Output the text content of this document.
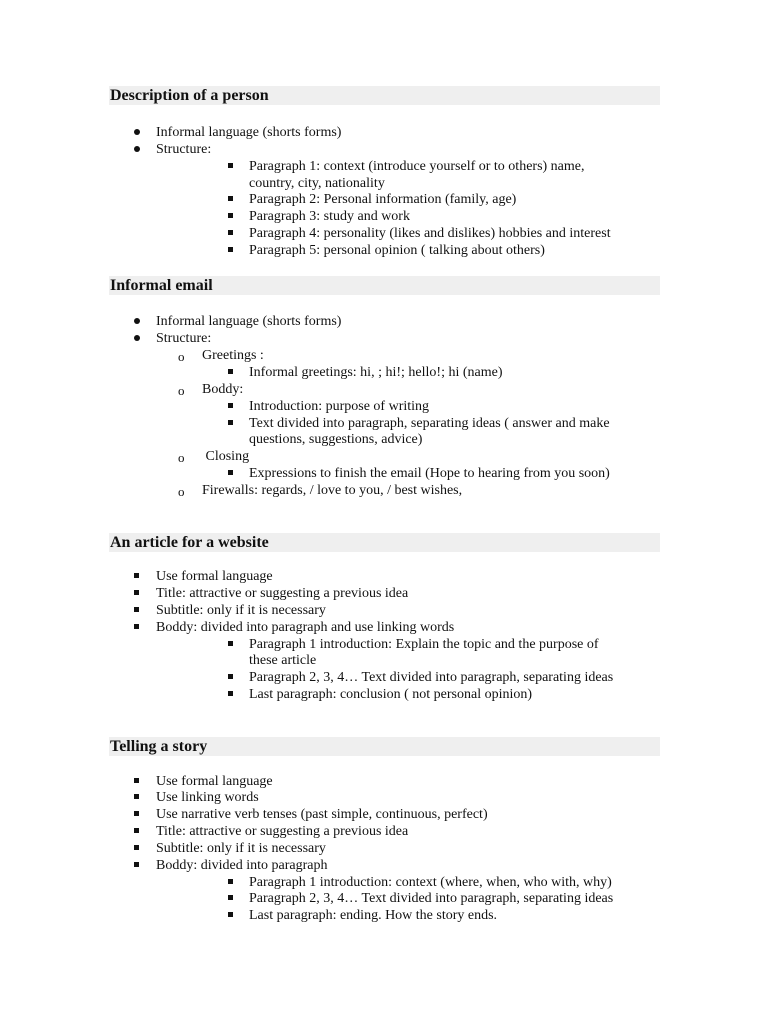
Description of a person
Informal language (shorts forms)
Structure:
Paragraph 1: context (introduce yourself or to others) name,
country, city, nationality
Paragraph 2: Personal information (family, age)
Paragraph 3: study and work
Paragraph 4: personality (likes and dislikes) hobbies and interest
Paragraph 5: personal opinion ( talking about others)
Informal email
Informal language (shorts forms)
Structure:
o Greetings :
Informal greetings: hi, ; hi!; hello!; hi (name)
o Boddy:
Introduction: purpose of writing
Text divided into paragraph, separating ideas ( answer and make
questions, suggestions, advice)
o Closing
Expressions to finish the email (Hope to hearing from you soon)
o Firewalls: regards, / love to you, / best wishes,
An article for a website
Use formal language
Title: attractive or suggesting a previous idea
Subtitle: only if it is necessary
Boddy: divided into paragraph and use linking words
Paragraph 1 introduction: Explain the topic and the purpose of
these article
Paragraph 2, 3, 4… Text divided into paragraph, separating ideas
Last paragraph: conclusion ( not personal opinion)
Telling a story
Use formal language
Use linking words
Use narrative verb tenses (past simple, continuous, perfect)
Title: attractive or suggesting a previous idea
Subtitle: only if it is necessary
Boddy: divided into paragraph
Paragraph 1 introduction: context (where, when, who with, why)
Paragraph 2, 3, 4… Text divided into paragraph, separating ideas
Last paragraph: ending. How the story ends.
